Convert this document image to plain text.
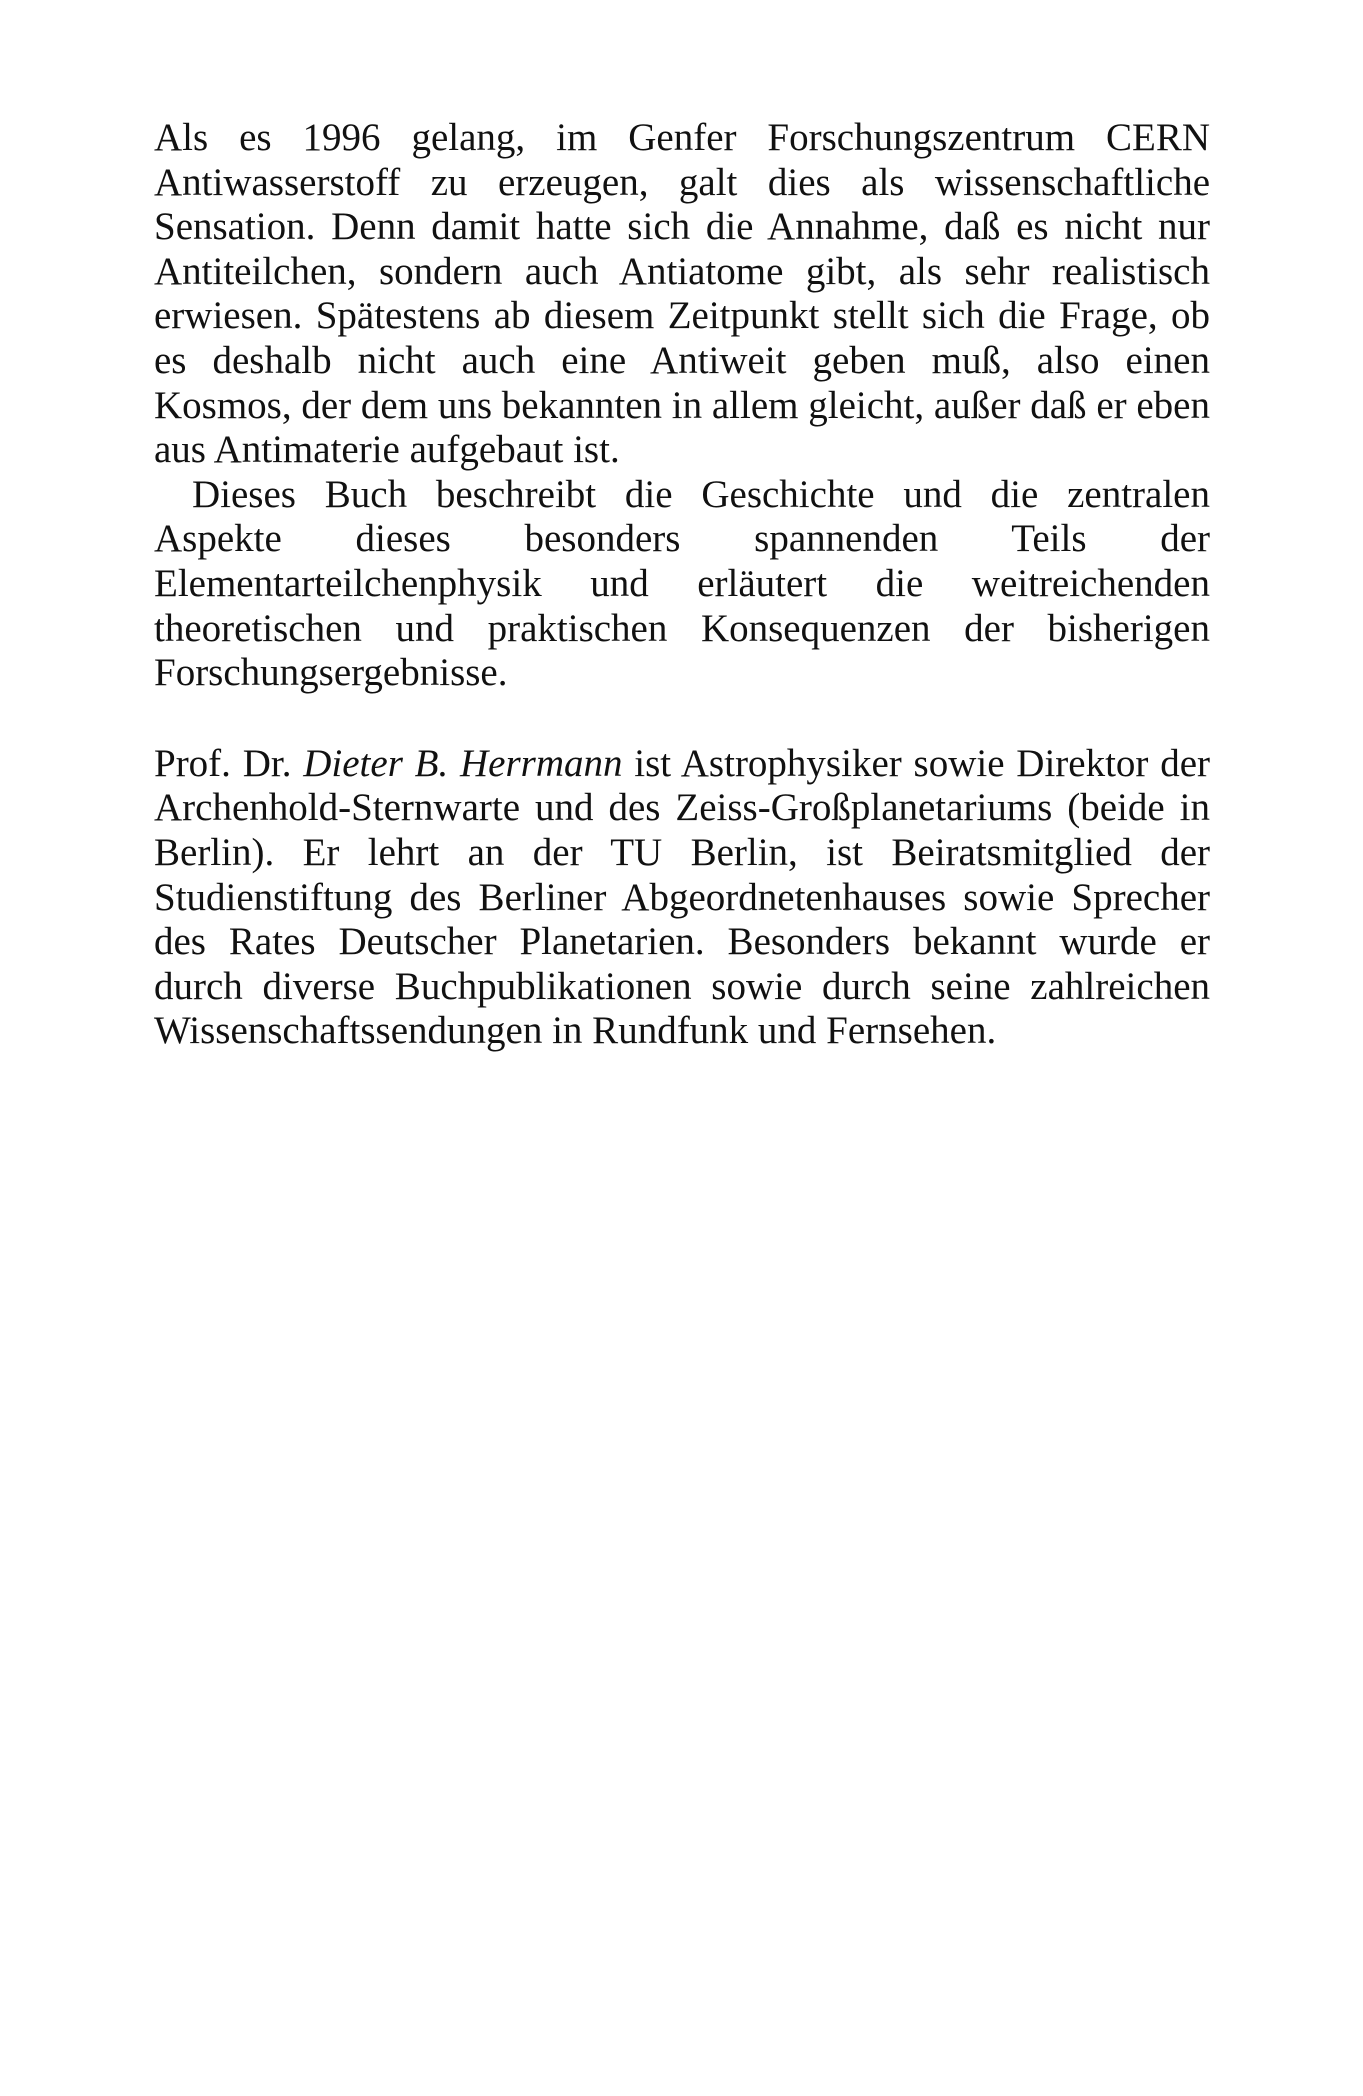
Als es 1996 gelang, im Genfer Forschungszentrum CERN Antiwasserstoff zu erzeugen, galt dies als wissenschaftliche Sensation. Denn damit hatte sich die Annahme, daß es nicht nur Antiteilchen, sondern auch Antiatome gibt, als sehr realistisch erwiesen. Spätestens ab diesem Zeitpunkt stellt sich die Frage, ob es deshalb nicht auch eine Antiweit geben muß, also einen Kosmos, der dem uns bekannten in allem gleicht, außer daß er eben aus Antimaterie aufgebaut ist.

Dieses Buch beschreibt die Geschichte und die zentralen Aspekte dieses besonders spannenden Teils der Elementarteilchenphysik und erläutert die weitreichenden theoretischen und praktischen Konsequenzen der bisherigen Forschungsergebnisse.

Prof. Dr. Dieter B. Herrmann ist Astrophysiker sowie Direktor der Archenhold-Sternwarte und des Zeiss-Großplanetariums (beide in Berlin). Er lehrt an der TU Berlin, ist Beiratsmitglied der Studienstiftung des Berliner Abgeordnetenhauses sowie Sprecher des Rates Deutscher Planetarien. Besonders bekannt wurde er durch diverse Buchpublikationen sowie durch seine zahlreichen Wissenschaftssendungen in Rundfunk und Fernsehen.
